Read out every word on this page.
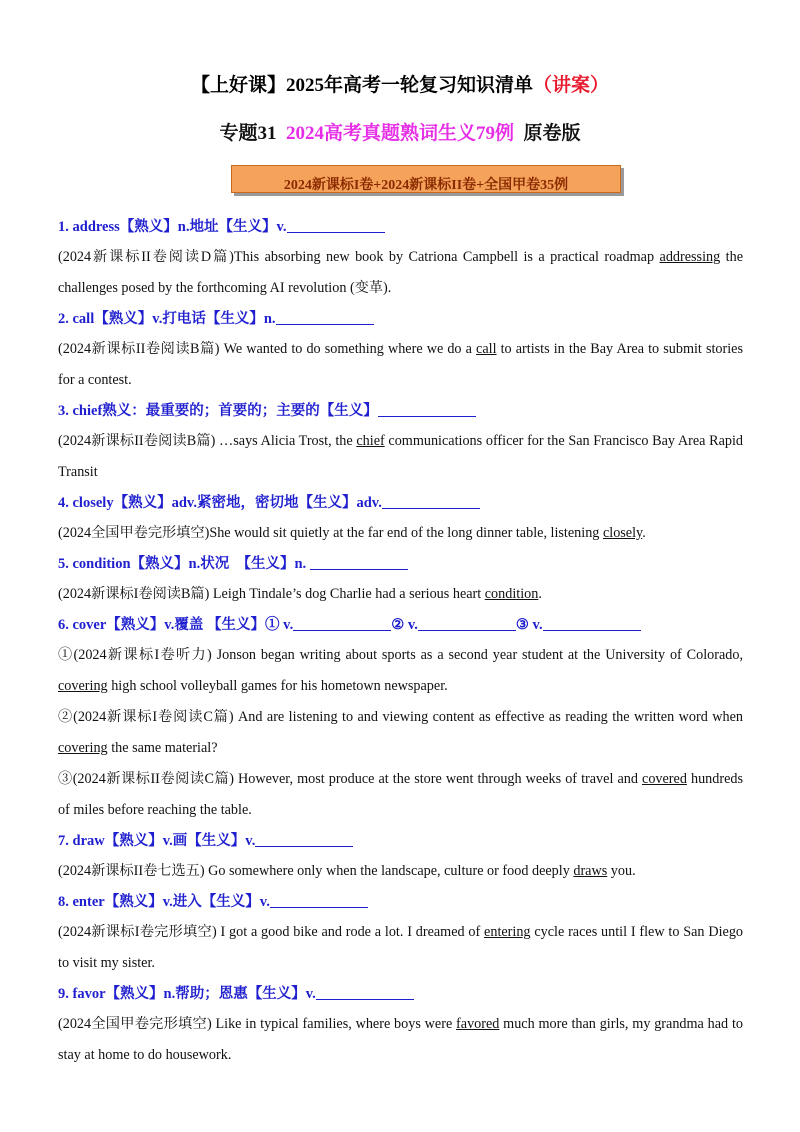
【上好课】2025年高考一轮复习知识清单（讲案）
专题31 2024高考真题熟词生义79例 原卷版
2024新课标I卷+2024新课标II卷+全国甲卷35例
1. address【熟义】n.地址【生义】v.

(2024新课标II卷阅读D篇)This absorbing new book by Catriona Campbell is a practical roadmap addressing the challenges posed by the forthcoming AI revolution (变革).

2. call【熟义】v.打电话【生义】n.

(2024新课标II卷阅读B篇) We wanted to do something where we do a call to artists in the Bay Area to submit stories for a contest.

3. chief熟义：最重要的；首要的；主要的【生义】

(2024新课标II卷阅读B篇) …says Alicia Trost, the chief communications officer for the San Francisco Bay Area Rapid Transit

4. closely【熟义】adv.紧密地，密切地【生义】adv.

(2024全国甲卷完形填空)She would sit quietly at the far end of the long dinner table, listening closely.

5. condition【熟义】n.状况　【生义】n.

(2024新课标I卷阅读B篇) Leigh Tindale’s dog Charlie had a serious heart condition.

6. cover【熟义】v.覆盖 【生义】① v.	② v.	③ v.

①(2024新课标I卷听力) Jonson began writing about sports as a second year student at the University of Colorado, covering high school volleyball games for his hometown newspaper.

②(2024新课标I卷阅读C篇) And are listening to and viewing content as effective as reading the written word when covering the same material?

③(2024新课标II卷阅读C篇) However, most produce at the store went through weeks of travel and covered hundreds of miles before reaching the table.

7. draw【熟义】v.画【生义】v.

(2024新课标II卷七选五) Go somewhere only when the landscape, culture or food deeply draws you.

8. enter【熟义】v.进入【生义】v.

(2024新课标I卷完形填空) I got a good bike and rode a lot. I dreamed of entering cycle races until I flew to San Diego to visit my sister.

9. favor【熟义】n.帮助；恩惠【生义】v.

(2024全国甲卷完形填空) Like in typical families, where boys were favored much more than girls, my grandma had to stay at home to do housework.
